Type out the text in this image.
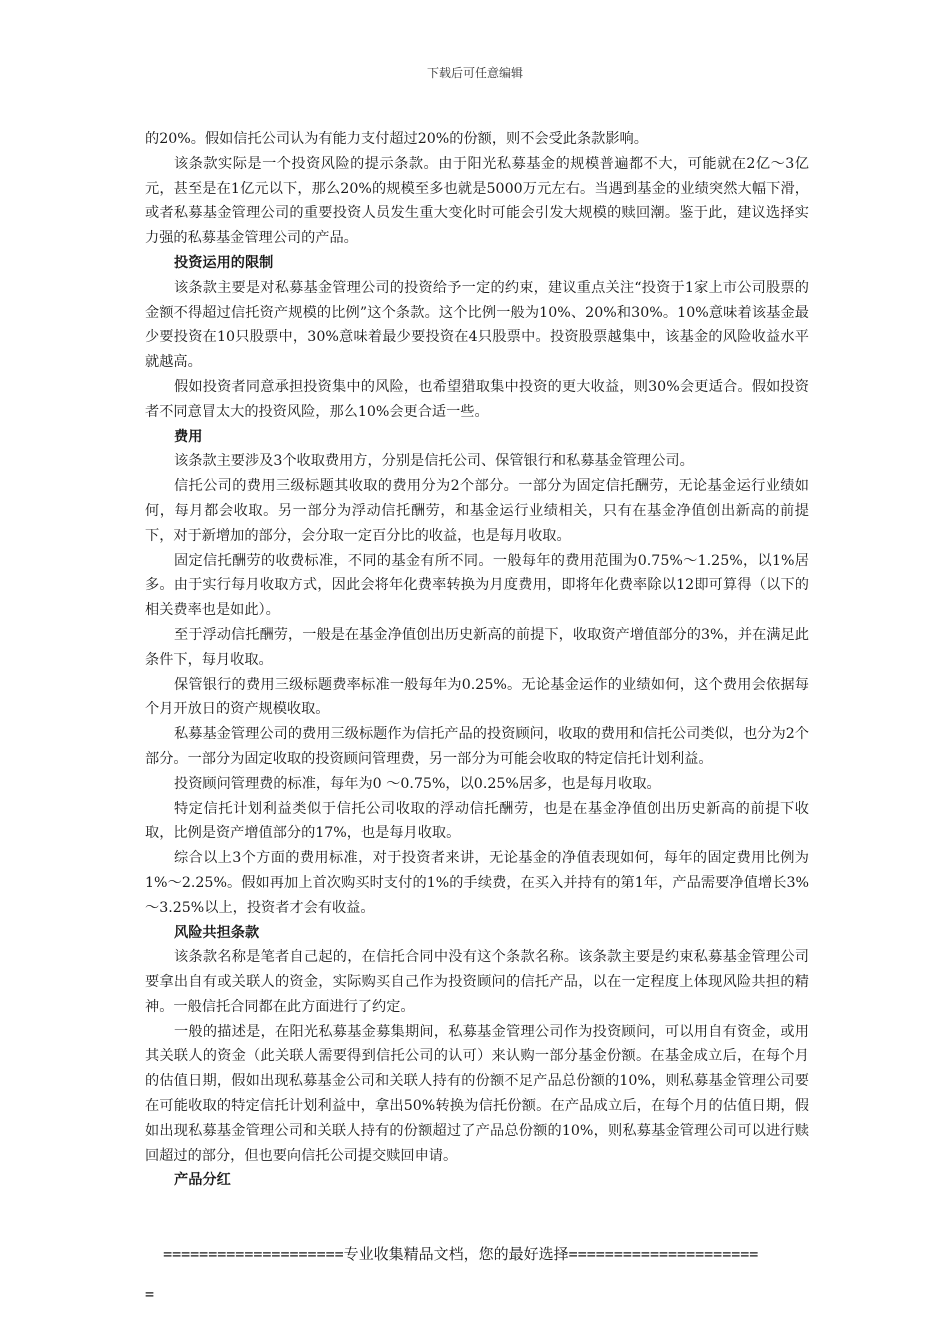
下载后可任意编辑

的20%。假如信托公司认为有能力支付超过20%的份额，则不会受此条款影响。

该条款实际是一个投资风险的提示条款。由于阳光私募基金的规模普遍都不大，可能就在2亿～3亿元，甚至是在1亿元以下，那么20%的规模至多也就是5000万元左右。当遇到基金的业绩突然大幅下滑，或者私募基金管理公司的重要投资人员发生重大变化时可能会引发大规模的赎回潮。鉴于此，建议选择实力强的私募基金管理公司的产品。

投资运用的限制

该条款主要是对私募基金管理公司的投资给予一定的约束，建议重点关注“投资于1家上市公司股票的金额不得超过信托资产规模的比例”这个条款。这个比例一般为10%、20%和30%。10%意味着该基金最少要投资在10只股票中，30%意味着最少要投资在4只股票中。投资股票越集中，该基金的风险收益水平就越高。

假如投资者同意承担投资集中的风险，也希望猎取集中投资的更大收益，则30%会更适合。假如投资者不同意冒太大的投资风险，那么10%会更合适一些。

费用

该条款主要涉及3个收取费用方，分别是信托公司、保管银行和私募基金管理公司。

信托公司的费用三级标题其收取的费用分为2个部分。一部分为固定信托酬劳，无论基金运行业绩如何，每月都会收取。另一部分为浮动信托酬劳，和基金运行业绩相关，只有在基金净值创出新高的前提下，对于新增加的部分，会分取一定百分比的收益，也是每月收取。

固定信托酬劳的收费标准，不同的基金有所不同。一般每年的费用范围为0.75%～1.25%，以1%居多。由于实行每月收取方式，因此会将年化费率转换为月度费用，即将年化费率除以12即可算得（以下的相关费率也是如此）。

至于浮动信托酬劳，一般是在基金净值创出历史新高的前提下，收取资产增值部分的3%，并在满足此条件下，每月收取。

保管银行的费用三级标题费率标准一般每年为0.25%。无论基金运作的业绩如何，这个费用会依据每个月开放日的资产规模收取。

私募基金管理公司的费用三级标题作为信托产品的投资顾问，收取的费用和信托公司类似，也分为2个部分。一部分为固定收取的投资顾问管理费，另一部分为可能会收取的特定信托计划利益。

投资顾问管理费的标准，每年为0 ～0.75%，以0.25%居多，也是每月收取。

特定信托计划利益类似于信托公司收取的浮动信托酬劳，也是在基金净值创出历史新高的前提下收取，比例是资产增值部分的17%，也是每月收取。

综合以上3个方面的费用标准，对于投资者来讲，无论基金的净值表现如何，每年的固定费用比例为1%～2.25%。假如再加上首次购买时支付的1%的手续费，在买入并持有的第1年，产品需要净值增长3%～3.25%以上，投资者才会有收益。

风险共担条款

该条款名称是笔者自己起的，在信托合同中没有这个条款名称。该条款主要是约束私募基金管理公司要拿出自有或关联人的资金，实际购买自己作为投资顾问的信托产品，以在一定程度上体现风险共担的精神。一般信托合同都在此方面进行了约定。

一般的描述是，在阳光私募基金募集期间，私募基金管理公司作为投资顾问，可以用自有资金，或用其关联人的资金（此关联人需要得到信托公司的认可）来认购一部分基金份额。在基金成立后，在每个月的估值日期，假如出现私募基金公司和关联人持有的份额不足产品总份额的10%，则私募基金管理公司要在可能收取的特定信托计划利益中，拿出50%转换为信托份额。在产品成立后，在每个月的估值日期，假如出现私募基金管理公司和关联人持有的份额超过了产品总份额的10%，则私募基金管理公司可以进行赎回超过的部分，但也要向信托公司提交赎回申请。

产品分红

====================专业收集精品文档，您的最好选择=====================

=
